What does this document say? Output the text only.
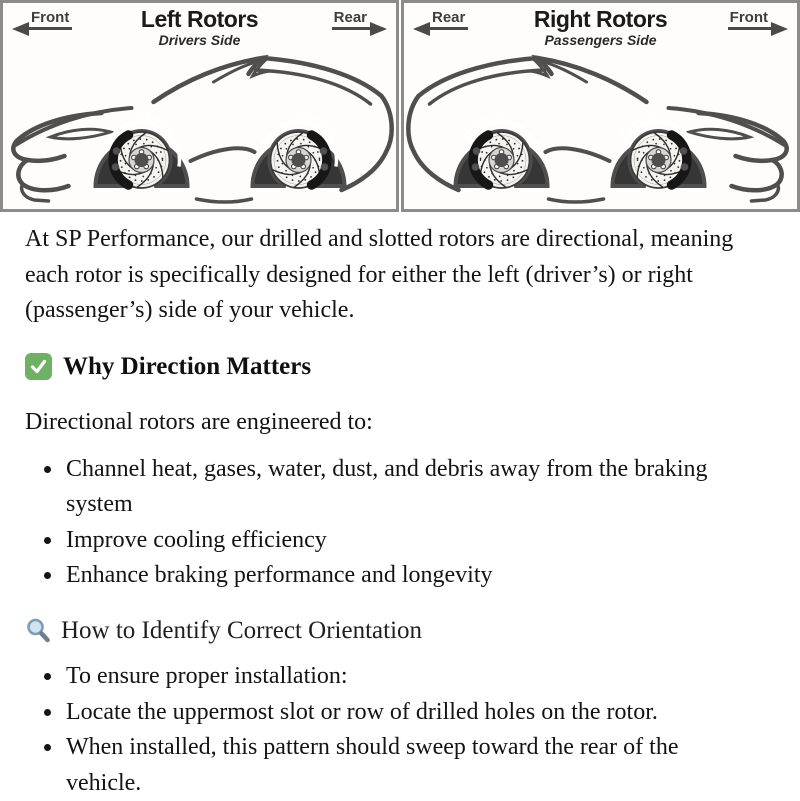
Front	Left Rotors
Drivers Side
Rear
Rotation
Rotation
Rear	Right Rotors
Passengers Side
Front
Rotation
Rotation

At SP Performance, our drilled and slotted rotors are directional, meaning each rotor is specifically designed for either the left (driver’s) or right (passenger’s) side of your vehicle.

Why Direction Matters

Directional rotors are engineered to:

• Channel heat, gases, water, dust, and debris away from the braking system
• Improve cooling efficiency
• Enhance braking performance and longevity
How to Identify Correct Orientation
• To ensure proper installation:
• Locate the uppermost slot or row of drilled holes on the rotor.
• When installed, this pattern should sweep toward the rear of the vehicle.
